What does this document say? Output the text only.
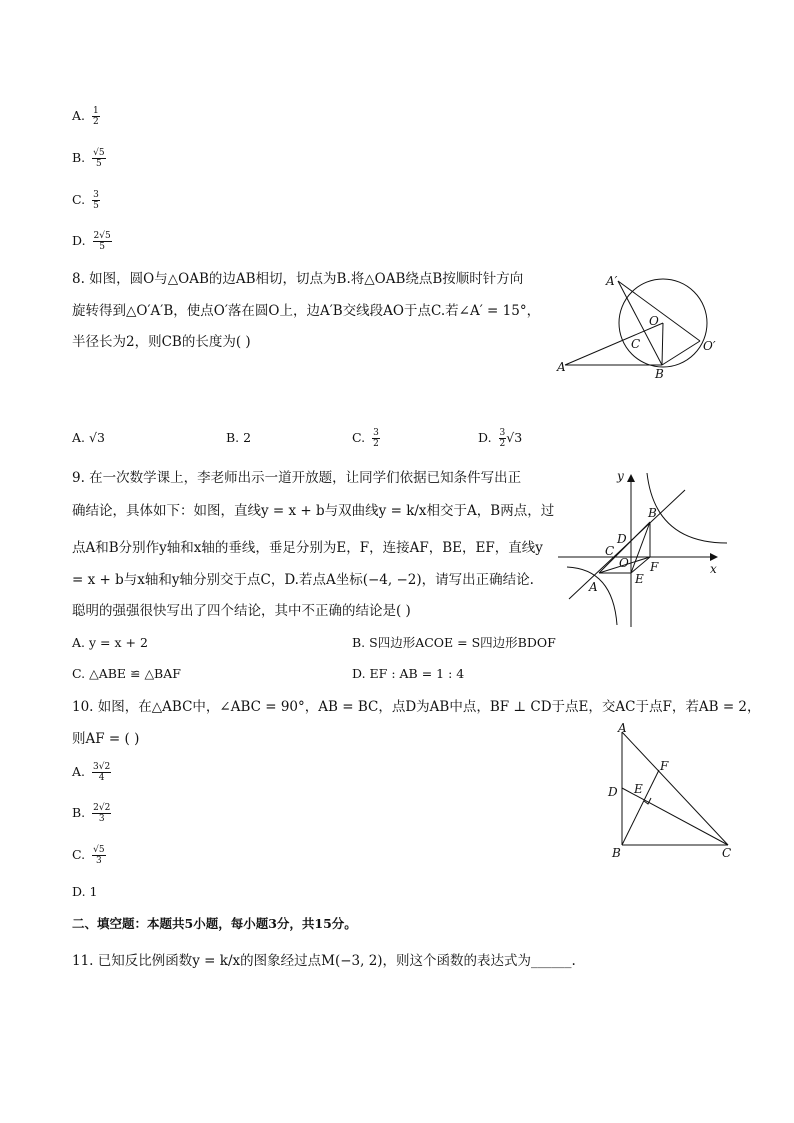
A. $\frac{1}{2}$
B. $\frac{√5}{5}$
C. $\frac{3}{5}$
D. $\frac{2√5}{5}$
8. 如图，圆O与△OAB的边AB相切，切点为B.将△OAB绕点B按顺时针方向
旋转得到△O′A′B，使点O′落在圆O上，边A′B交线段AO于点C.若∠A′ = 15°，
半径长为2，则CB的长度为( )
A′
O
C	O′
A	B
A. √3	B. 2	C. $\frac{3}{2}$	D. $\frac{3}{2} √3$
9. 在一次数学课上，李老师出示一道开放题，让同学们依据已知条件写出正
确结论，具体如下：如图，直线y = x + b与双曲线y = k/x相交于A，B两点，过
点A和B分别作y轴和x轴的垂线，垂足分别为E，F，连接AF，BE，EF，直线y
= x + b与x轴和y轴分别交于点C，D.若点A坐标(−4, −2)，请写出正确结论.
聪明的强强很快写出了四个结论，其中不正确的结论是( )
y
x
B
D
C
O F
E
A
A. y = x + 2	B. S四边形ACOE = S四边形BDOF
C. △ABE ≌ △BAF	D. EF : AB = 1 : 4
10. 如图，在△ABC中，∠ABC = 90°，AB = BC，点D为AB中点，BF ⊥ CD于点E，交AC于点F，若AB = 2，
则AF = ( )
A
F
D E
B	C
A. $\frac{3√2}{4}$
B. $\frac{2√2}{3}$
C. $\frac{√5}{3}$
D. 1
二、填空题：本题共5小题，每小题3分，共15分。
11. 已知反比例函数y = k/x的图象经过点M(−3, 2)，则这个函数的表达式为______.
